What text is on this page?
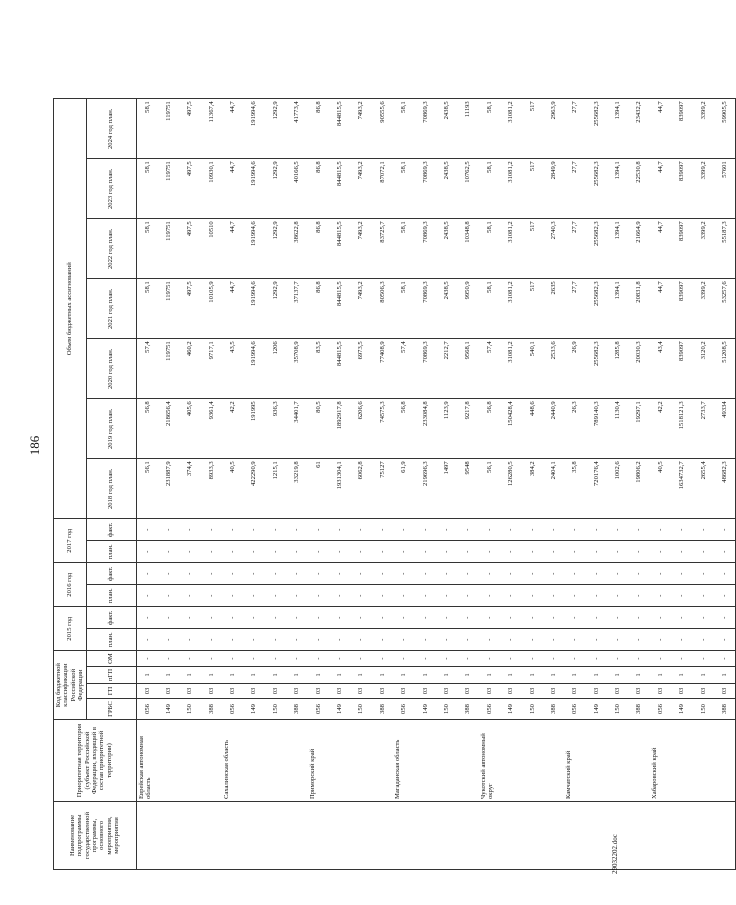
186
Наименование подпрограммы государственной программы, основного мероприятия, мероприятия	Приоритетная территория (субъект Российской Федерации, входящий в состав приоритетной территории)	Код бюджетной классификации Российской Федерации				2015 год		2016 год		2017 год		Объем бюджетных ассигнований						
		ГРБС	ГП	пГП	ОМ	план.	факт.	план.	факт.	план.	факт.	2018 год план.	2019 год план.	2020 год план.	2021 год план.	2022 год план.	2023 год план.	2024 год план.

	Еврейская автономная область	056	03	1	-	-	-	-	-	-	-	56,1	56,8	57,4	58,1	58,1	58,1	58,1
		149	03	1	-	-	-	-	-	-	-	231887,9	218656,4	119751	119751	119751	119751	119751
		150	03	1	-	-	-	-	-	-	-	374,4	405,6	460,2	497,5	497,5	497,5	497,5
		388	03	1	-	-	-	-	-	-	-	8933,3	9361,4	9717,1	10105,9	10510	10930,1	11367,4
	Сахалинская область	056	03	1	-	-	-	-	-	-	-	40,5	42,2	43,5	44,7	44,7	44,7	44,7
		149	03	1	-	-	-	-	-	-	-	422290,9	191995	191994,6	191994,6	191994,6	191994,6	191994,6
		150	03	1	-	-	-	-	-	-	-	1215,1	936,3	1206	1292,9	1292,9	1292,9	1292,9
		388	03	1	-	-	-	-	-	-	-	33219,8	34401,7	35708,9	37137,7	38622,8	40166,5	41773,4
	Приморский край	056	03	1	-	-	-	-	-	-	-	61	80,5	83,5	86,8	86,8	86,8	86,8
		149	03	1	-	-	-	-	-	-	-	1931304,1	1892917,8	844815,5	844815,5	844815,5	844815,5	844815,5
		150	03	1	-	-	-	-	-	-	-	6062,8	6206,6	6973,5	7493,2	7493,2	7493,2	7493,2
		388	03	1	-	-	-	-	-	-	-	75127	74575,3	77408,9	80506,3	83725,7	87072,1	90555,6
	Магаданская область	056	03	1	-	-	-	-	-	-	-	61,9	56,8	57,4	58,1	58,1	58,1	58,1
		149	03	1	-	-	-	-	-	-	-	219696,3	233084,8	70869,3	70869,3	70869,3	70869,3	70869,3
		150	03	1	-	-	-	-	-	-	-	1497	1123,9	2212,7	2438,5	2438,5	2438,5	2438,5
		388	03	1	-	-	-	-	-	-	-	9548	9217,8	9568,1	9950,9	10348,8	10762,5	11193
	Чукотский автономный округ	056	03	1	-	-	-	-	-	-	-	56,1	56,8	57,4	58,1	58,1	58,1	58,1
		149	03	1	-	-	-	-	-	-	-	126280,5	150428,4	31081,2	31081,2	31081,2	31081,2	31081,2
		150	03	1	-	-	-	-	-	-	-	384,2	448,6	540,1	517	517	517	517
		388	03	1	-	-	-	-	-	-	-	2404,1	2440,9	2533,6	2635	2740,3	2849,9	2963,9
	Камчатский край	056	03	1	-	-	-	-	-	-	-	35,8	26,3	26,9	27,7	27,7	27,7	27,7
		149	03	1	-	-	-	-	-	-	-	720176,4	789140,3	255682,3	255682,3	255682,3	255682,3	255682,3
		150	03	1	-	-	-	-	-	-	-	1002,6	1130,4	1285,8	1394,1	1394,1	1394,1	1394,1
		388	03	1	-	-	-	-	-	-	-	19806,2	19297,1	20030,3	20831,8	21664,9	22530,8	23432,2
	Хабаровский край	056	03	1	-	-	-	-	-	-	-	40,5	42,2	43,4	44,7	44,7	44,7	44,7
		149	03	1	-	-	-	-	-	-	-	1634732,7	1518121,3	839097	839097	839097	839097	839097
		150	03	1	-	-	-	-	-	-	-	2655,4	2733,7	3120,2	3399,2	3399,2	3399,2	3399,2
		388	03	1	-	-	-	-	-	-	-	48682,3	49334	51208,5	53257,6	55187,3	57601	59905,5
29032202.doc
